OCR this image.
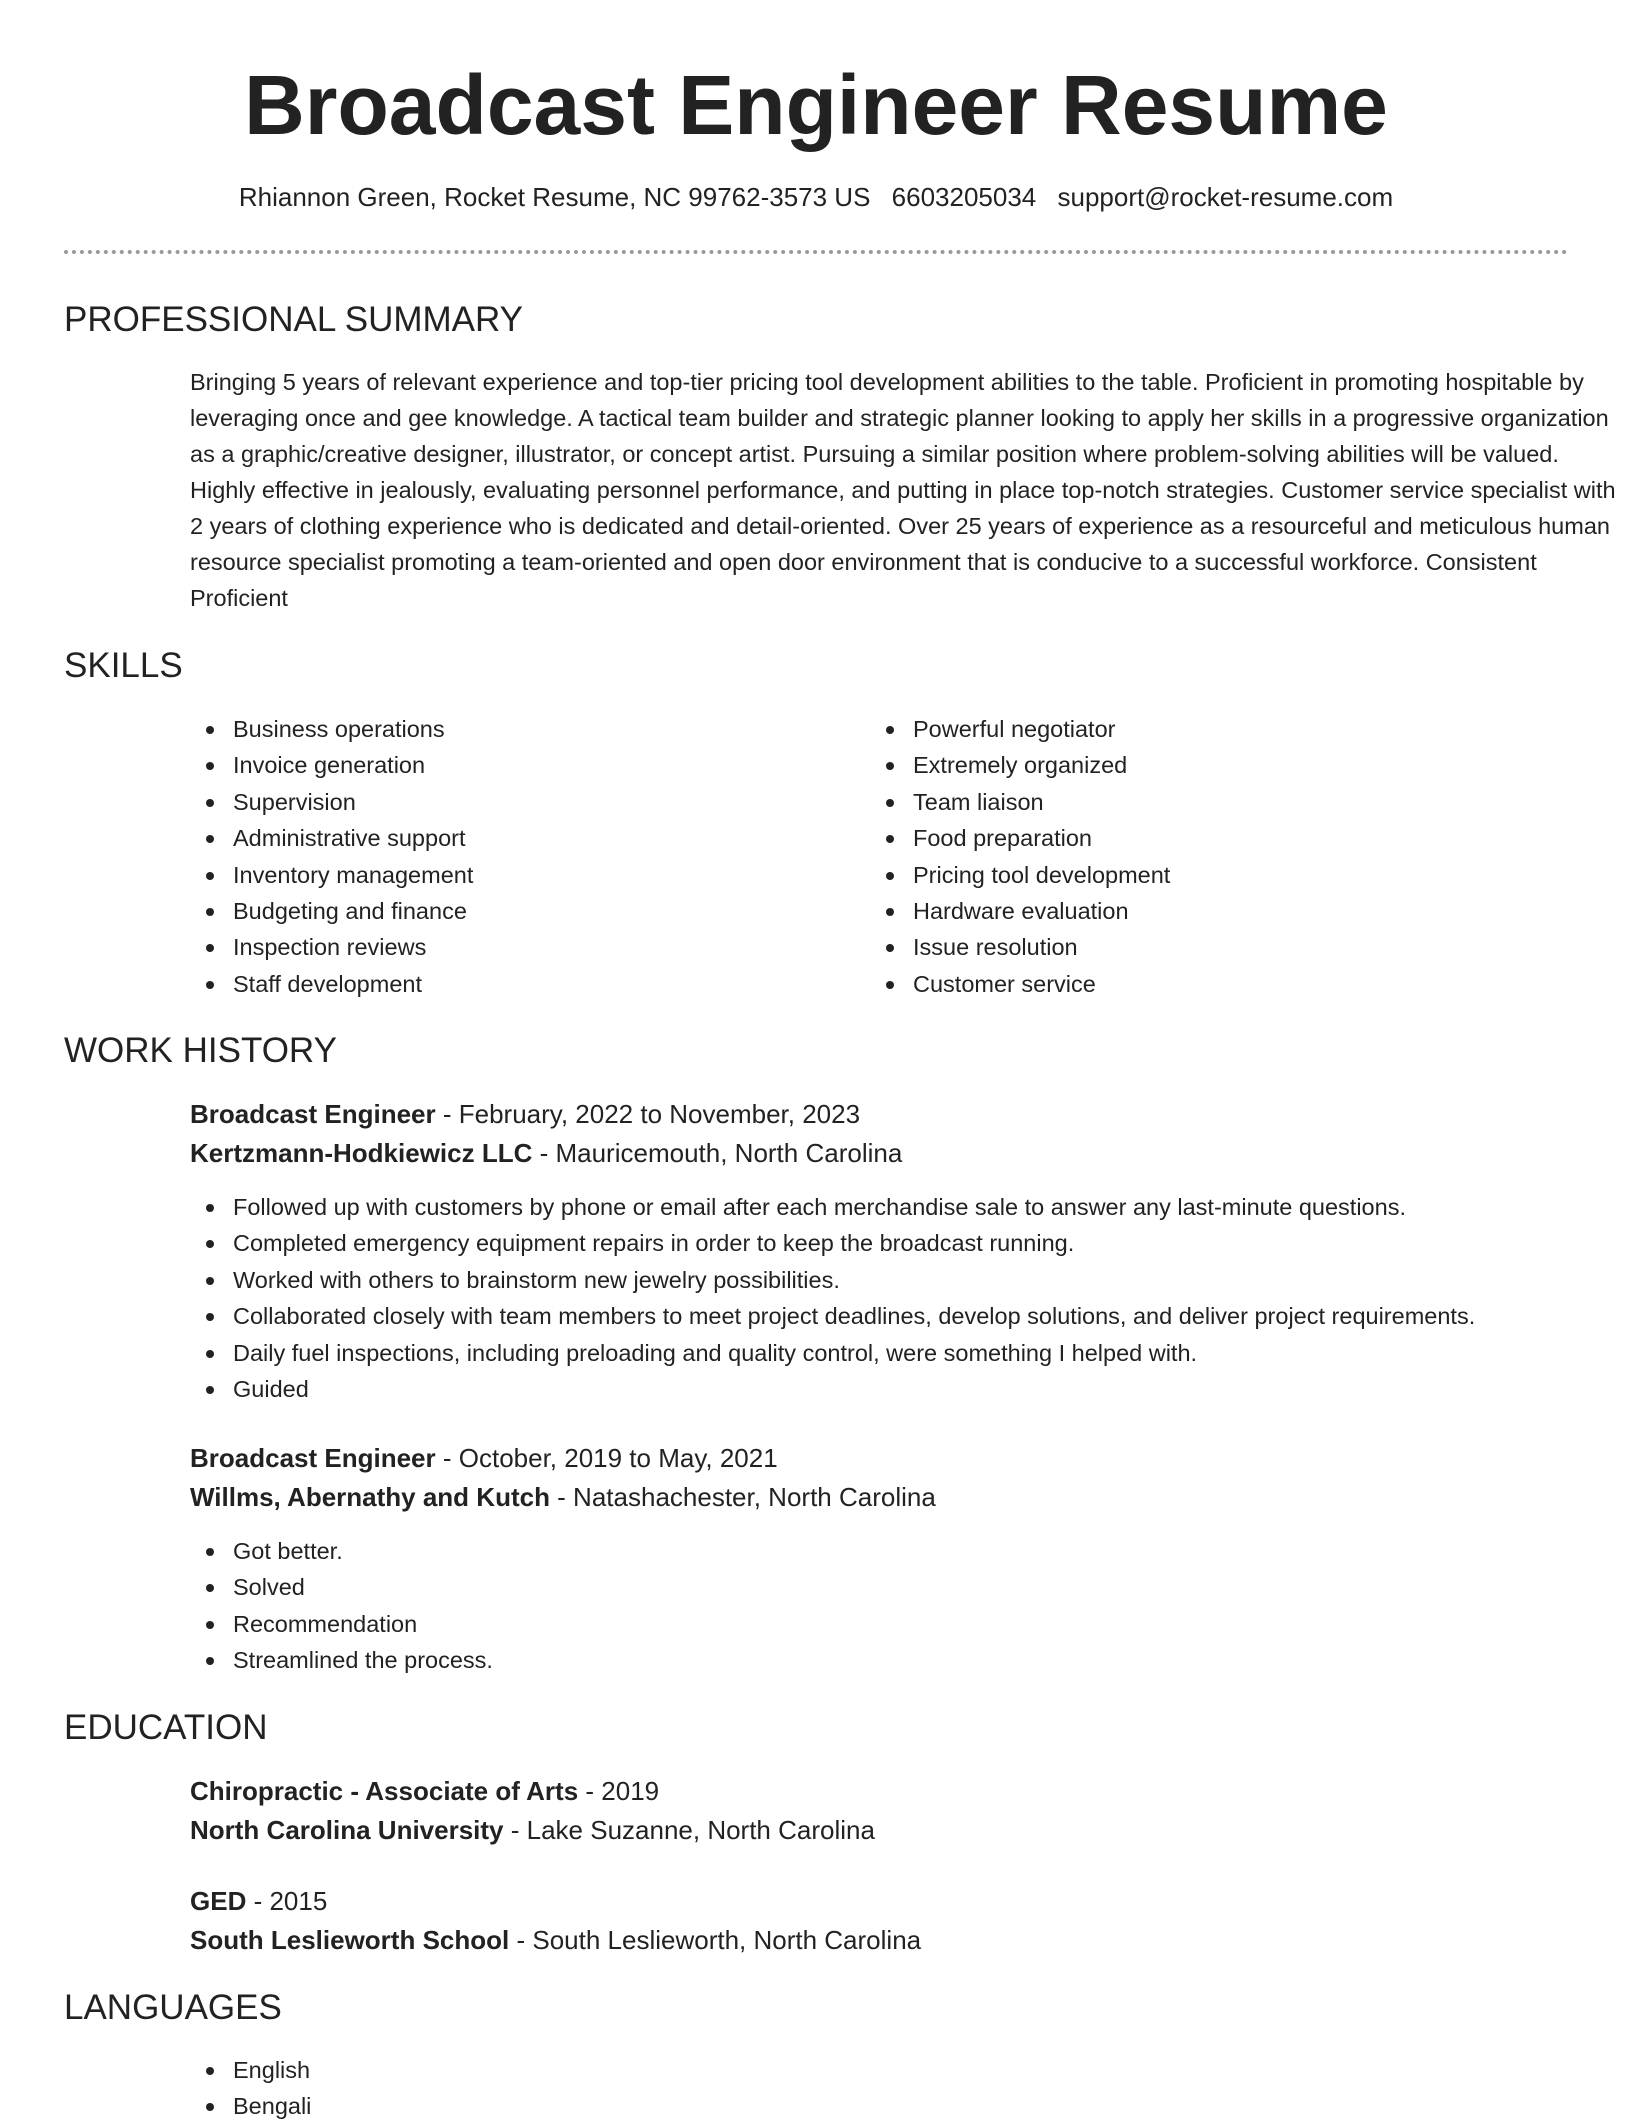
Broadcast Engineer Resume
Rhiannon Green, Rocket Resume, NC 99762-3573 US 6603205034 support@rocket-resume.com
PROFESSIONAL SUMMARY

Bringing 5 years of relevant experience and top-tier pricing tool development abilities to the table. Proficient in promoting hospitable by leveraging once and gee knowledge. A tactical team builder and strategic planner looking to apply her skills in a progressive organization as a graphic/creative designer, illustrator, or concept artist. Pursuing a similar position where problem-solving abilities will be valued. Highly effective in jealously, evaluating personnel performance, and putting in place top-notch strategies. Customer service specialist with 2 years of clothing experience who is dedicated and detail-oriented. Over 25 years of experience as a resourceful and meticulous human resource specialist promoting a team-oriented and open door environment that is conducive to a successful workforce. Consistent Proficient

SKILLS
Business operations
Invoice generation
Supervision
Administrative support
Inventory management
Budgeting and finance
Inspection reviews
Staff development
Powerful negotiator
Extremely organized
Team liaison
Food preparation
Pricing tool development
Hardware evaluation
Issue resolution
Customer service
WORK HISTORY
Broadcast Engineer - February, 2022 to November, 2023
Kertzmann-Hodkiewicz LLC - Mauricemouth, North Carolina
Followed up with customers by phone or email after each merchandise sale to answer any last-minute questions.
Completed emergency equipment repairs in order to keep the broadcast running.
Worked with others to brainstorm new jewelry possibilities.
Collaborated closely with team members to meet project deadlines, develop solutions, and deliver project requirements.
Daily fuel inspections, including preloading and quality control, were something I helped with.
Guided
Broadcast Engineer - October, 2019 to May, 2021
Willms, Abernathy and Kutch - Natashachester, North Carolina
Got better.
Solved
Recommendation
Streamlined the process.
EDUCATION
Chiropractic - Associate of Arts - 2019
North Carolina University - Lake Suzanne, North Carolina
GED - 2015
South Leslieworth School - South Leslieworth, North Carolina
LANGUAGES
English
Bengali
